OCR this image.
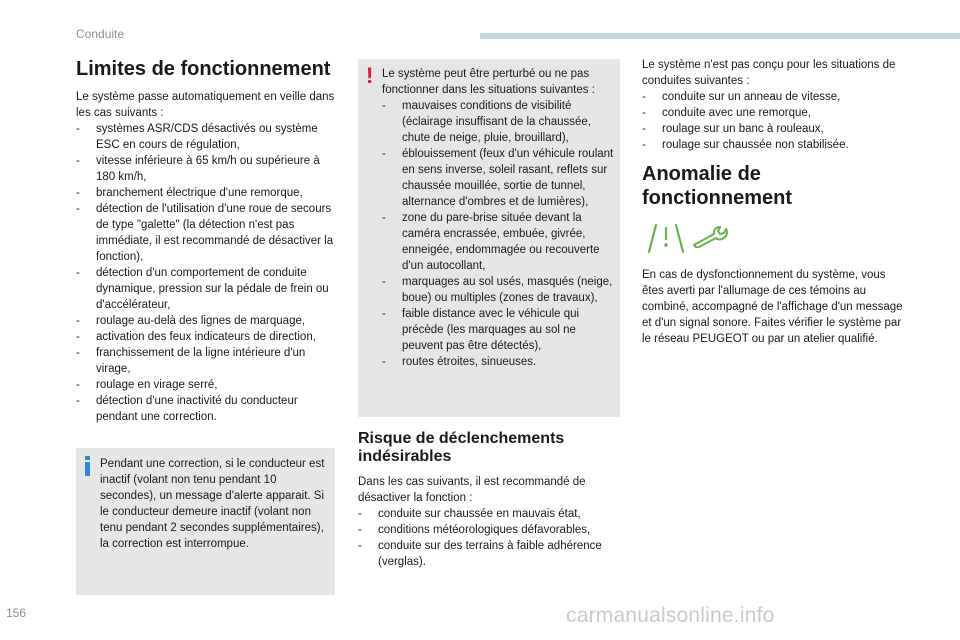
Conduite
Limites de fonctionnement

Le système passe automatiquement en veille dans les cas suivants :

- systèmes ASR/CDS désactivés ou système ESC en cours de régulation,
- vitesse inférieure à 65 km/h ou supérieure à 180 km/h,
- branchement électrique d'une remorque,
- détection de l'utilisation d'une roue de secours de type "galette" (la détection n'est pas immédiate, il est recommandé de désactiver la fonction),
- détection d'un comportement de conduite dynamique, pression sur la pédale de frein ou d'accélérateur,
- roulage au-delà des lignes de marquage,
- activation des feux indicateurs de direction,
- franchissement de la ligne intérieure d'un virage,
- roulage en virage serré,
- détection d'une inactivité du conducteur pendant une correction.
Pendant une correction, si le conducteur est inactif (volant non tenu pendant 10 secondes), un message d'alerte apparait. Si le conducteur demeure inactif (volant non tenu pendant 2 secondes supplémentaires), la correction est interrompue.
! Le système peut être perturbé ou ne pas fonctionner dans les situations suivantes :

- mauvaises conditions de visibilité (éclairage insuffisant de la chaussée, chute de neige, pluie, brouillard),
- éblouissement (feux d'un véhicule roulant en sens inverse, soleil rasant, reflets sur chaussée mouillée, sortie de tunnel, alternance d'ombres et de lumières),
- zone du pare-brise située devant la caméra encrassée, embuée, givrée, enneigée, endommagée ou recouverte d'un autocollant,
- marquages au sol usés, masqués (neige, boue) ou multiples (zones de travaux),
- faible distance avec le véhicule qui précède (les marquages au sol ne peuvent pas être détectés),
- routes étroites, sinueuses.
Risque de déclenchements indésirables

Dans les cas suivants, il est recommandé de désactiver la fonction :

- conduite sur chaussée en mauvais état,
- conditions météorologiques défavorables,
- conduite sur des terrains à faible adhérence (verglas).

Le système n'est pas conçu pour les situations de conduites suivantes :

- conduite sur un anneau de vitesse,
- conduite avec une remorque,
- roulage sur un banc à rouleaux,
- roulage sur chaussée non stabilisée.
Anomalie de fonctionnement
En cas de dysfonctionnement du système, vous êtes averti par l'allumage de ces témoins au combiné, accompagné de l'affichage d'un message et d'un signal sonore. Faites vérifier le système par le réseau PEUGEOT ou par un atelier qualifié.
156	carmanualsonline.info
